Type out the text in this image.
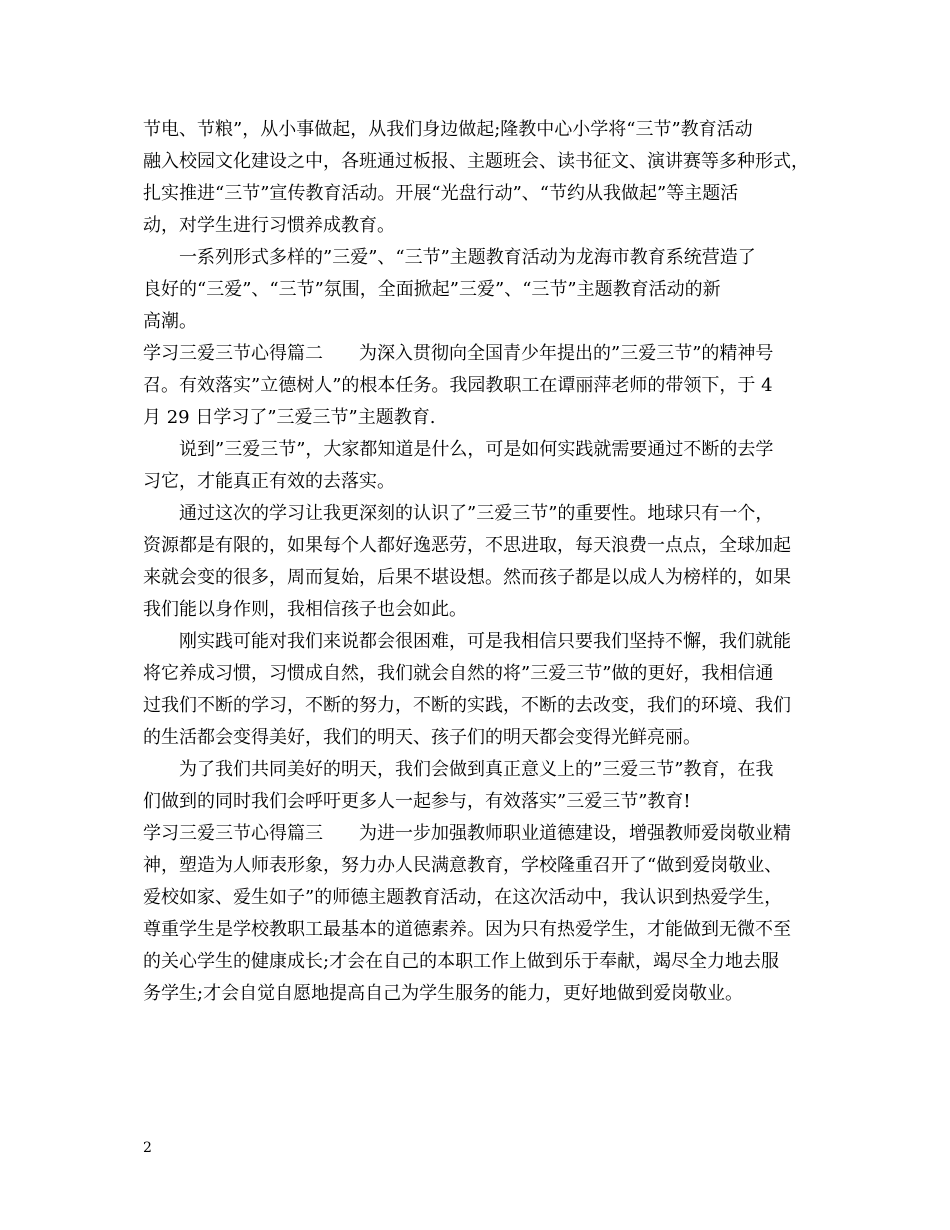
节电、节粮”，从小事做起，从我们身边做起;隆教中心小学将“三节”教育活动
融入校园文化建设之中，各班通过板报、主题班会、读书征文、演讲赛等多种形式，
扎实推进“三节”宣传教育活动。开展“光盘行动”、“节约从我做起”等主题活
动，对学生进行习惯养成教育。
　　一系列形式多样的”三爱”、“三节”主题教育活动为龙海市教育系统营造了
良好的“三爱”、“三节”氛围，全面掀起”三爱”、“三节”主题教育活动的新
高潮。
学习三爱三节心得篇二　　为深入贯彻向全国青少年提出的”三爱三节”的精神号
召。有效落实”立德树人”的根本任务。我园教职工在谭丽萍老师的带领下，于 4
月 29 日学习了”三爱三节”主题教育.
　　说到”三爱三节”，大家都知道是什么，可是如何实践就需要通过不断的去学
习它，才能真正有效的去落实。
　　通过这次的学习让我更深刻的认识了”三爱三节”的重要性。地球只有一个，
资源都是有限的，如果每个人都好逸恶劳，不思进取，每天浪费一点点，全球加起
来就会变的很多，周而复始，后果不堪设想。然而孩子都是以成人为榜样的，如果
我们能以身作则，我相信孩子也会如此。
　　刚实践可能对我们来说都会很困难，可是我相信只要我们坚持不懈，我们就能
将它养成习惯，习惯成自然，我们就会自然的将”三爱三节”做的更好，我相信通
过我们不断的学习，不断的努力，不断的实践，不断的去改变，我们的环境、我们
的生活都会变得美好，我们的明天、孩子们的明天都会变得光鲜亮丽。
　　为了我们共同美好的明天，我们会做到真正意义上的”三爱三节”教育，在我
们做到的同时我们会呼吁更多人一起参与，有效落实”三爱三节”教育!
学习三爱三节心得篇三　　为进一步加强教师职业道德建设，增强教师爱岗敬业精
神，塑造为人师表形象，努力办人民满意教育，学校隆重召开了“做到爱岗敬业、
爱校如家、爱生如子”的师德主题教育活动，在这次活动中，我认识到热爱学生，
尊重学生是学校教职工最基本的道德素养。因为只有热爱学生，才能做到无微不至
的关心学生的健康成长;才会在自己的本职工作上做到乐于奉献，竭尽全力地去服
务学生;才会自觉自愿地提高自己为学生服务的能力，更好地做到爱岗敬业。
2
